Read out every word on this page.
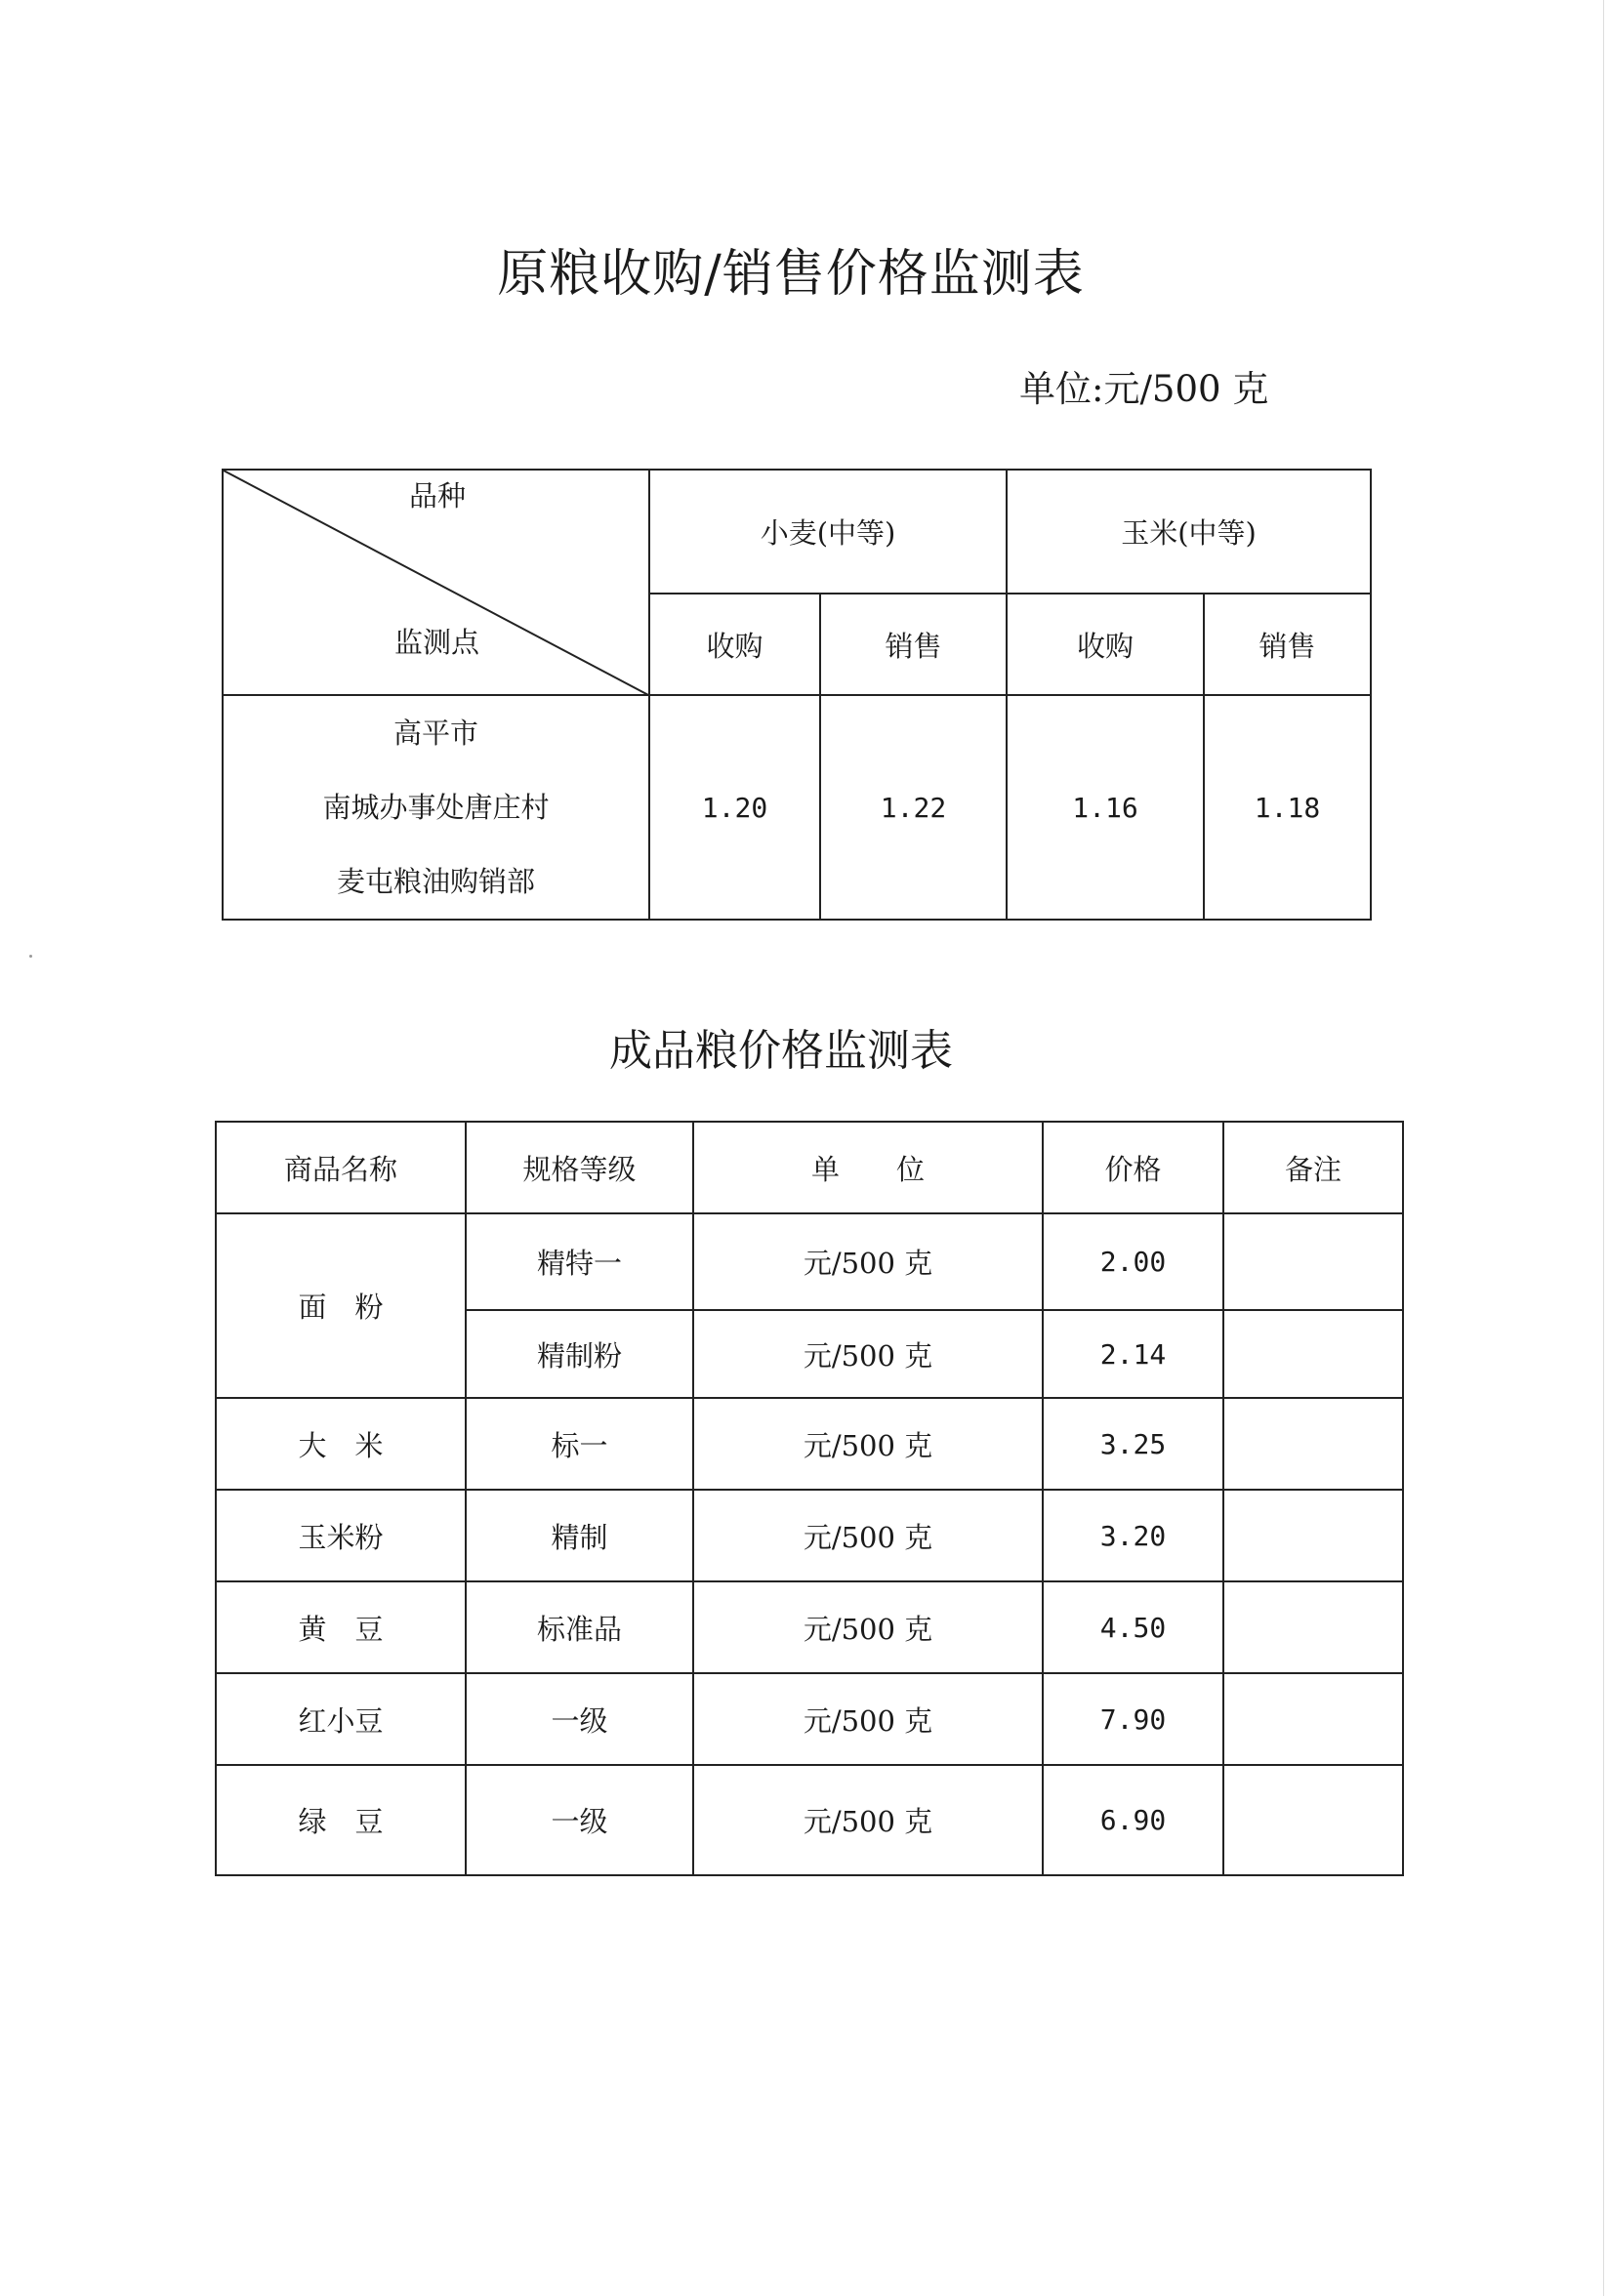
原粮收购/销售价格监测表
单位:元/500 克
品种
监测点	小麦(中等)		玉米(中等)	
	收购	销售	收购	销售

高平市
南城办事处唐庄村
麦屯粮油购销部	1.20	1.22	1.16	1.18
成品粮价格监测表
商品名称	规格等级	单　　位	价格	备注
面　粉	精特一	元/500 克	2.00	
	精制粉	元/500 克	2.14	
大　米	标一	元/500 克	3.25	
玉米粉	精制	元/500 克	3.20	
黄　豆	标准品	元/500 克	4.50	
红小豆	一级	元/500 克	7.90	
绿　豆	一级	元/500 克	6.90	
